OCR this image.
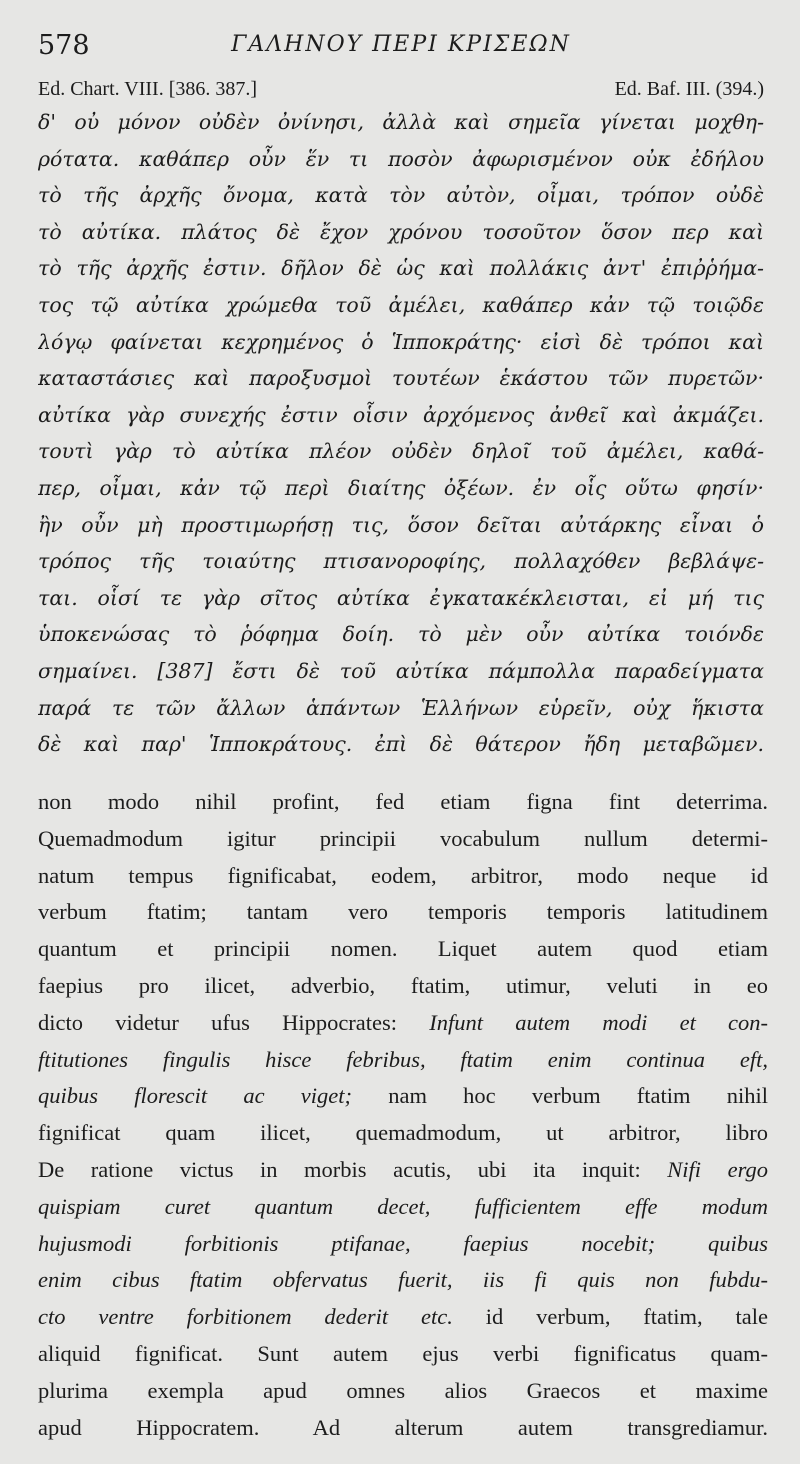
578	ΓΑΛΗΝΟΥ ΠΕΡΙ ΚΡΙΣΕΩΝ
Ed. Chart. VIII. [386. 387.]	Ed. Baf. III. (394.)
δ' οὐ μόνον οὐδὲν ὀνίνησι, ἀλλὰ καὶ σημεῖα γίνεται μοχθη-
ρότατα. καθάπερ οὖν ἕν τι ποσὸν ἀφωρισμένον οὐκ ἐδήλου
τὸ τῆς ἀρχῆς ὄνομα, κατὰ τὸν αὐτὸν, οἶμαι, τρόπον οὐδὲ
τὸ αὐτίκα. πλάτος δὲ ἔχον χρόνου τοσοῦτον ὅσον περ καὶ
τὸ τῆς ἀρχῆς ἐστιν. δῆλον δὲ ὡς καὶ πολλάκις ἀντ' ἐπιῤῥήμα-
τος τῷ αὐτίκα χρώμεθα τοῦ ἀμέλει, καθάπερ κἀν τῷ τοιῷδε
λόγῳ φαίνεται κεχρημένος ὁ Ἱπποκράτης· εἰσὶ δὲ τρόποι καὶ
καταστάσιες καὶ παροξυσμοὶ τουτέων ἑκάστου τῶν πυρετῶν·
αὐτίκα γὰρ συνεχής ἐστιν οἷσιν ἀρχόμενος ἀνθεῖ καὶ ἀκμάζει.
τουτὶ γὰρ τὸ αὐτίκα πλέον οὐδὲν δηλοῖ τοῦ ἀμέλει, καθά-
περ, οἶμαι, κἀν τῷ περὶ διαίτης ὀξέων. ἐν οἷς οὕτω φησίν·
ἢν οὖν μὴ προστιμωρήσῃ τις, ὅσον δεῖται αὐτάρκης εἶναι ὁ
τρόπος τῆς τοιαύτης πτισανοροφίης, πολλαχόθεν βεβλάψε-
ται. οἷσί τε γὰρ σῖτος αὐτίκα ἐγκατακέκλεισται, εἰ μή τις
ὑποκενώσας τὸ ῥόφημα δοίη. τὸ μὲν οὖν αὐτίκα τοιόνδε
σημαίνει. [387] ἔστι δὲ τοῦ αὐτίκα πάμπολλα παραδείγματα
παρά τε τῶν ἄλλων ἁπάντων Ἑλλήνων εὑρεῖν, οὐχ ἥκιστα
δὲ καὶ παρ' Ἱπποκράτους. ἐπὶ δὲ θάτερον ἤδη μεταβῶμεν.
non modo nihil profint, fed etiam figna fint deterrima.
Quemadmodum igitur principii vocabulum nullum determi-
natum tempus fignificabat, eodem, arbitror, modo neque id
verbum ftatim; tantam vero temporis temporis latitudinem
quantum et principii nomen. Liquet autem quod etiam
faepius pro ilicet, adverbio, ftatim, utimur, veluti in eo
dicto videtur ufus Hippocrates: Infunt autem modi et con-
ftitutiones fingulis hisce febribus, ftatim enim continua eft,
quibus florescit ac viget; nam hoc verbum ftatim nihil
fignificat quam ilicet, quemadmodum, ut arbitror, libro
De ratione victus in morbis acutis, ubi ita inquit: Nifi ergo
quispiam curet quantum decet, fufficientem effe modum
hujusmodi forbitionis ptifanae, faepius nocebit; quibus
enim cibus ftatim obfervatus fuerit, iis fi quis non fubdu-
cto ventre forbitionem dederit etc. id verbum, ftatim, tale
aliquid fignificat. Sunt autem ejus verbi fignificatus quam-
plurima exempla apud omnes alios Graecos et maxime
apud Hippocratem. Ad alterum autem transgrediamur.
